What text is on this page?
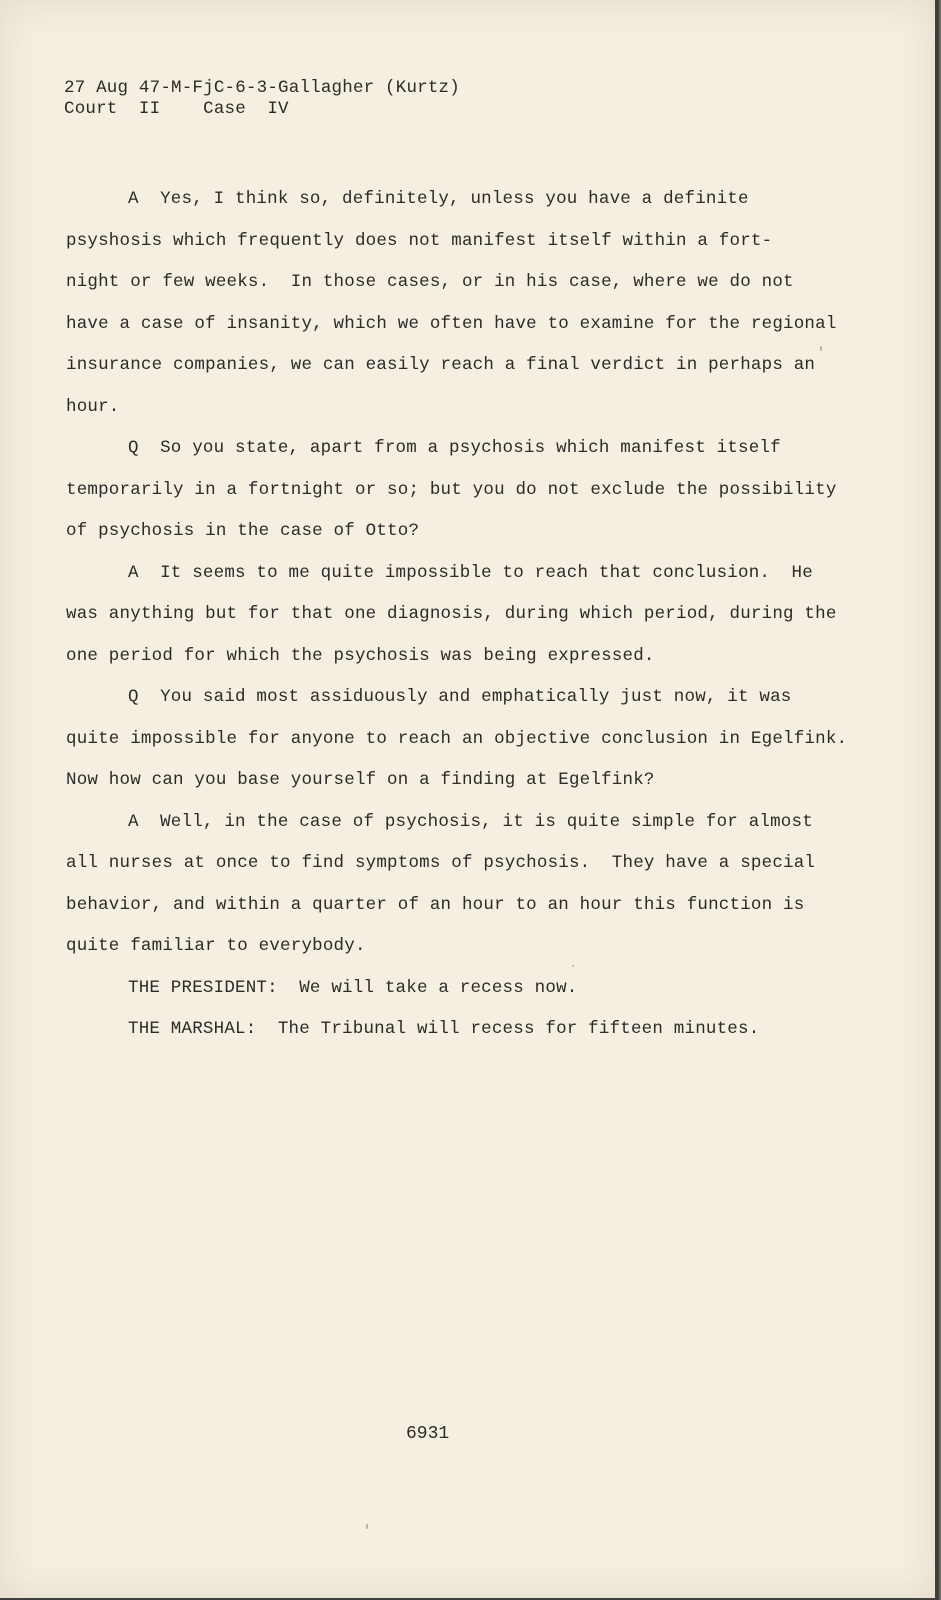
27 Aug 47-M-FjC-6-3-Gallagher (Kurtz)
Court  II    Case  IV
A  Yes, I think so, definitely, unless you have a definite
psyshosis which frequently does not manifest itself within a fort-
night or few weeks.  In those cases, or in his case, where we do not
have a case of insanity, which we often have to examine for the regional
insurance companies, we can easily reach a final verdict in perhaps an
hour.
Q  So you state, apart from a psychosis which manifest itself
temporarily in a fortnight or so; but you do not exclude the possibility
of psychosis in the case of Otto?
A  It seems to me quite impossible to reach that conclusion.  He
was anything but for that one diagnosis, during which period, during the
one period for which the psychosis was being expressed.
Q  You said most assiduously and emphatically just now, it was
quite impossible for anyone to reach an objective conclusion in Egelfink.
Now how can you base yourself on a finding at Egelfink?
A  Well, in the case of psychosis, it is quite simple for almost
all nurses at once to find symptoms of psychosis.  They have a special
behavior, and within a quarter of an hour to an hour this function is
quite familiar to everybody.
THE PRESIDENT:  We will take a recess now.
THE MARSHAL:  The Tribunal will recess for fifteen minutes.
6931
